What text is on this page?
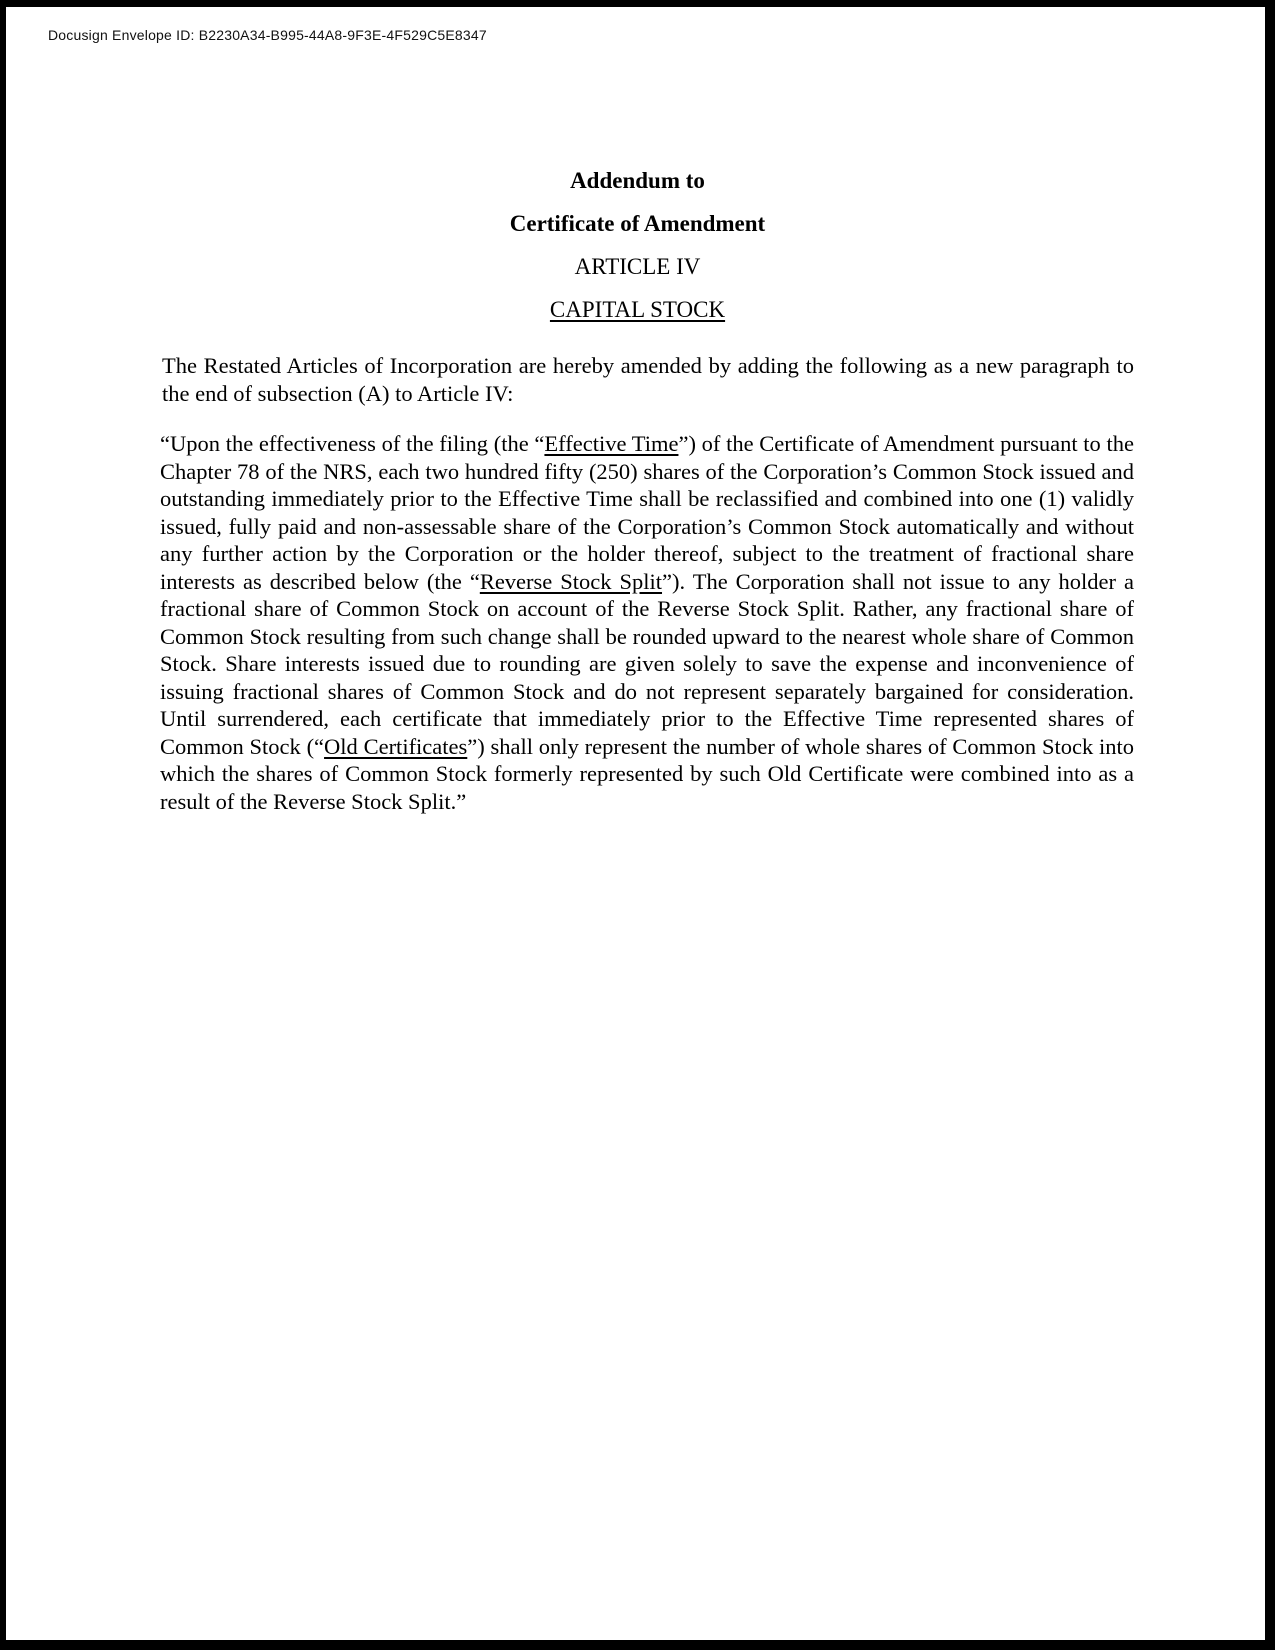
Docusign Envelope ID: B2230A34-B995-44A8-9F3E-4F529C5E8347
Addendum to
Certificate of Amendment
ARTICLE IV
CAPITAL STOCK
The Restated Articles of Incorporation are hereby amended by adding the following as a new paragraph to the end of subsection (A) to Article IV:
“Upon the effectiveness of the filing (the “Effective Time”) of the Certificate of Amendment pursuant to the Chapter 78 of the NRS, each two hundred fifty (250) shares of the Corporation’s Common Stock issued and outstanding immediately prior to the Effective Time shall be reclassified and combined into one (1) validly issued, fully paid and non-assessable share of the Corporation’s Common Stock automatically and without any further action by the Corporation or the holder thereof, subject to the treatment of fractional share interests as described below (the “Reverse Stock Split”). The Corporation shall not issue to any holder a fractional share of Common Stock on account of the Reverse Stock Split. Rather, any fractional share of Common Stock resulting from such change shall be rounded upward to the nearest whole share of Common Stock. Share interests issued due to rounding are given solely to save the expense and inconvenience of issuing fractional shares of Common Stock and do not represent separately bargained for consideration. Until surrendered, each certificate that immediately prior to the Effective Time represented shares of Common Stock (“Old Certificates”) shall only represent the number of whole shares of Common Stock into which the shares of Common Stock formerly represented by such Old Certificate were combined into as a result of the Reverse Stock Split.”
